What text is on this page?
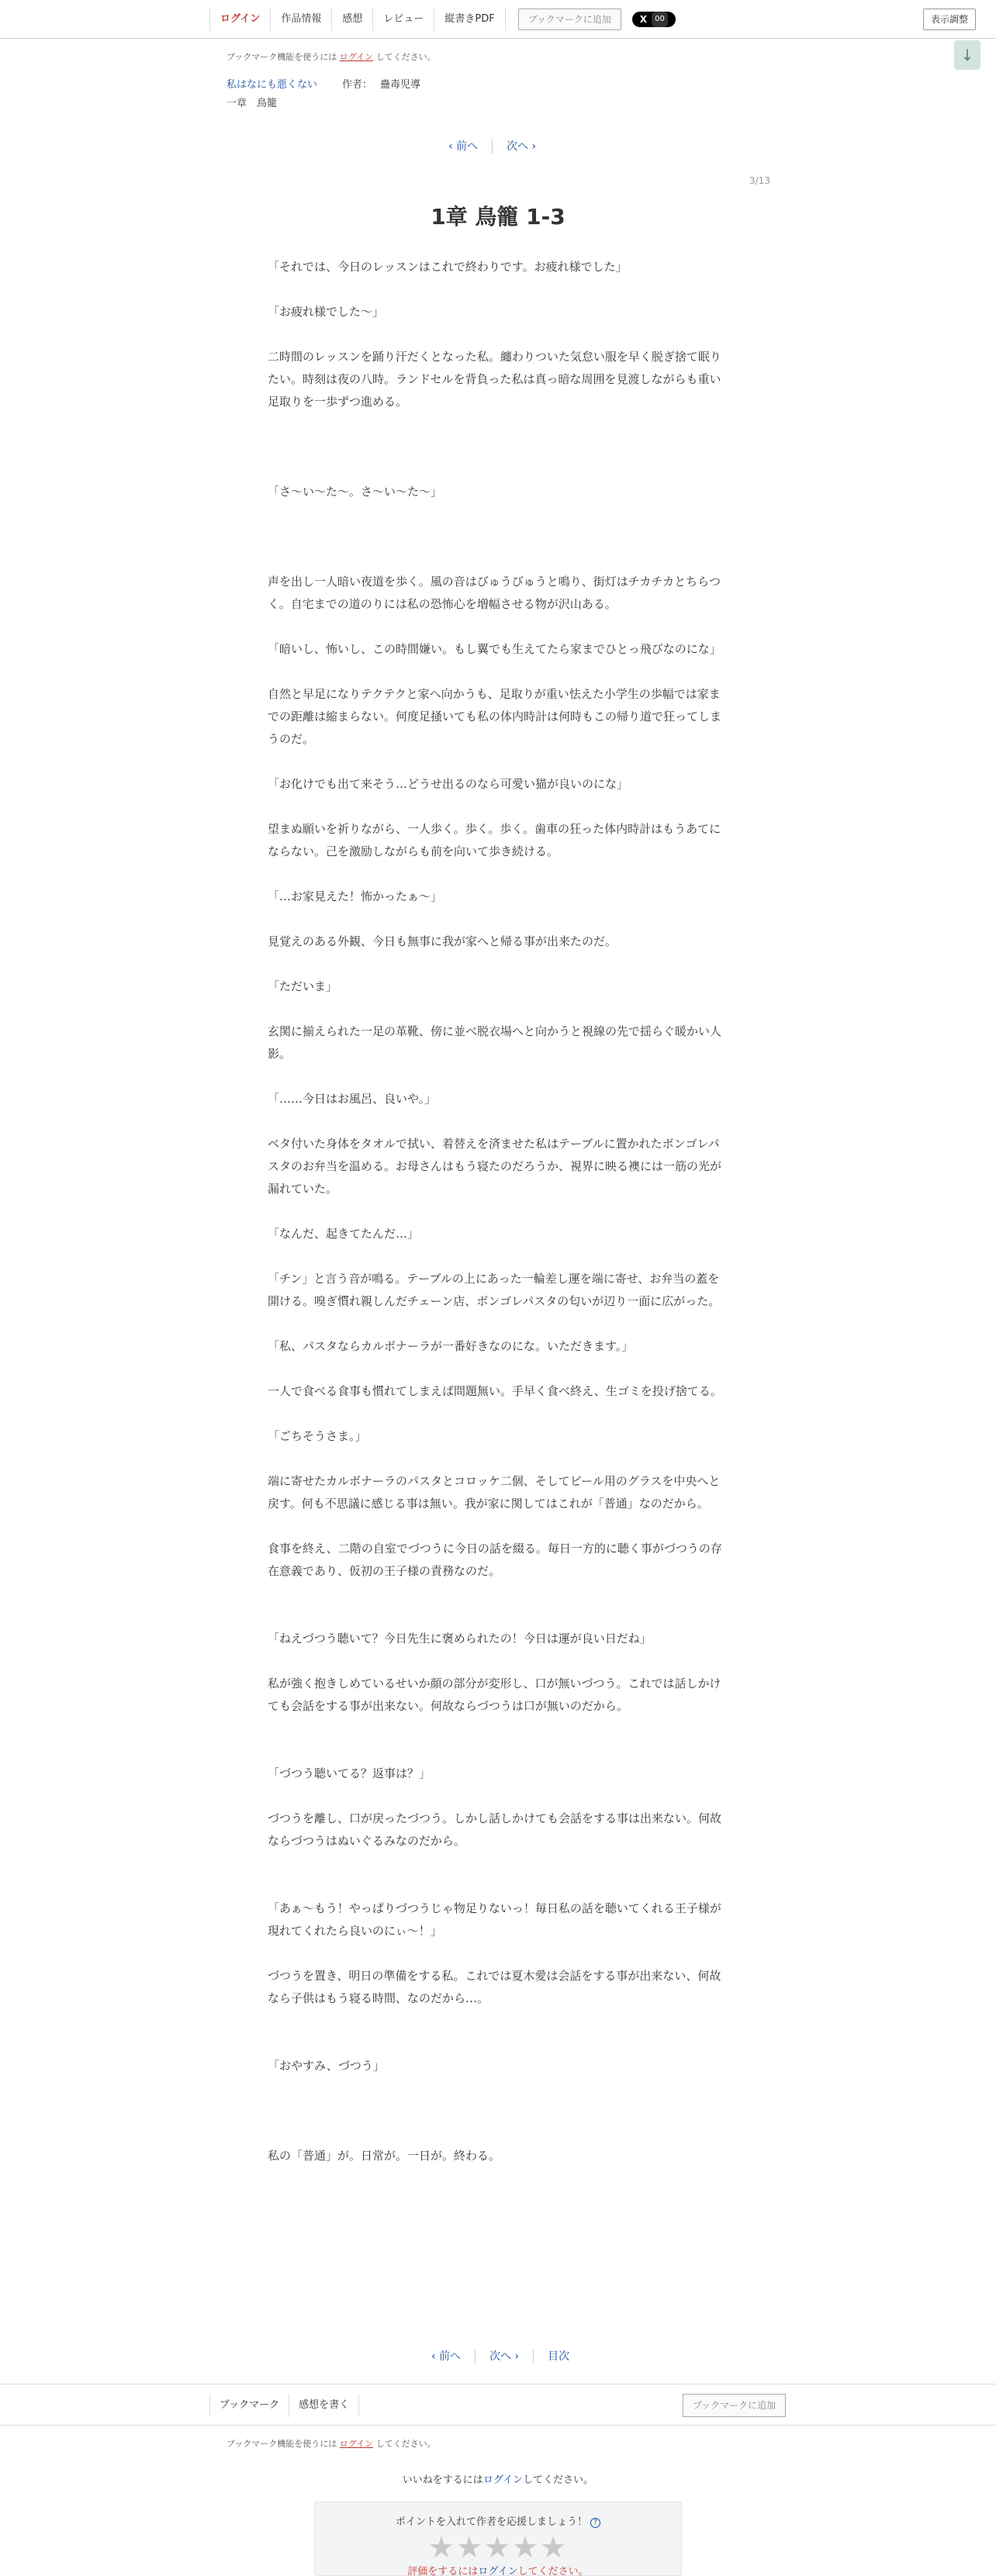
ログイン	作品情報	感想	レビュー	縦書きPDF	ブックマークに追加	X	00	表示調整
↓
ブックマーク機能を使うには ログイン してください。
私はなにも悪くない 作者： 蠱毒児導
一章　鳥籠
‹ 前へ	次へ ›
3/13
1章 鳥籠 1-3

「それでは、今日のレッスンはこれで終わりです。お疲れ様でした」

「お疲れ様でした〜」

二時間のレッスンを踊り汗だくとなった私。纏わりついた気怠い服を早く脱ぎ捨て眠りたい。時刻は夜の八時。ランドセルを背負った私は真っ暗な周囲を見渡しながらも重い足取りを一歩ずつ進める。

「さ〜い〜た〜。さ〜い〜た〜」

声を出し一人暗い夜道を歩く。風の音はびゅうびゅうと鳴り、街灯はチカチカとちらつく。自宅までの道のりには私の恐怖心を増幅させる物が沢山ある。

「暗いし、怖いし、この時間嫌い。もし翼でも生えてたら家までひとっ飛びなのにな」

自然と早足になりテクテクと家へ向かうも、足取りが重い怯えた小学生の歩幅では家までの距離は縮まらない。何度足掻いても私の体内時計は何時もこの帰り道で狂ってしまうのだ。

「お化けでも出て来そう…どうせ出るのなら可愛い猫が良いのにな」

望まぬ願いを祈りながら、一人歩く。歩く。歩く。歯車の狂った体内時計はもうあてにならない。己を激励しながらも前を向いて歩き続ける。

「…お家見えた！怖かったぁ〜」

見覚えのある外観、今日も無事に我が家へと帰る事が出来たのだ。

「ただいま」

玄関に揃えられた一足の革靴、傍に並べ脱衣場へと向かうと視線の先で揺らぐ暖かい人影。

「……今日はお風呂、良いや。」

ベタ付いた身体をタオルで拭い、着替えを済ませた私はテーブルに置かれたボンゴレパスタのお弁当を温める。お母さんはもう寝たのだろうか、視界に映る襖には一筋の光が漏れていた。

「なんだ、起きてたんだ…」

「チン」と言う音が鳴る。テーブルの上にあった一輪差し運を端に寄せ、お弁当の蓋を開ける。嗅ぎ慣れ親しんだチェーン店、ボンゴレパスタの匂いが辺り一面に広がった。

「私、パスタならカルボナーラが一番好きなのにな。いただきます。」

一人で食べる食事も慣れてしまえば問題無い。手早く食べ終え、生ゴミを投げ捨てる。

「ごちそうさま。」

端に寄せたカルボナーラのパスタとコロッケ二個、そしてビール用のグラスを中央へと戻す。何も不思議に感じる事は無い。我が家に関してはこれが「普通」なのだから。

食事を終え、二階の自室でづつうに今日の話を綴る。毎日一方的に聴く事がづつうの存在意義であり、仮初の王子様の責務なのだ。

「ねえづつう聴いて？今日先生に褒められたの！今日は運が良い日だね」

私が強く抱きしめているせいか顔の部分が変形し、口が無いづつう。これでは話しかけても会話をする事が出来ない。何故ならづつうは口が無いのだから。

「づつう聴いてる？返事は？」

づつうを離し、口が戻ったづつう。しかし話しかけても会話をする事は出来ない。何故ならづつうはぬいぐるみなのだから。

「あぁ〜もう！やっぱりづつうじゃ物足りないっ！毎日私の話を聴いてくれる王子様が現れてくれたら良いのにぃ〜！」

づつうを置き、明日の準備をする私。これでは夏木愛は会話をする事が出来ない、何故なら子供はもう寝る時間、なのだから…。

「おやすみ、づつう」

私の「普通」が。日常が。一日が。終わる。

‹ 前へ	次へ ›	目次
ブックマーク	感想を書く	ブックマークに追加
ブックマーク機能を使うには ログイン してください。
いいねをするにはログインしてください。
ポイントを入れて作者を応援しましょう！ ?
★★★★★
評価をするにはログインしてください。
